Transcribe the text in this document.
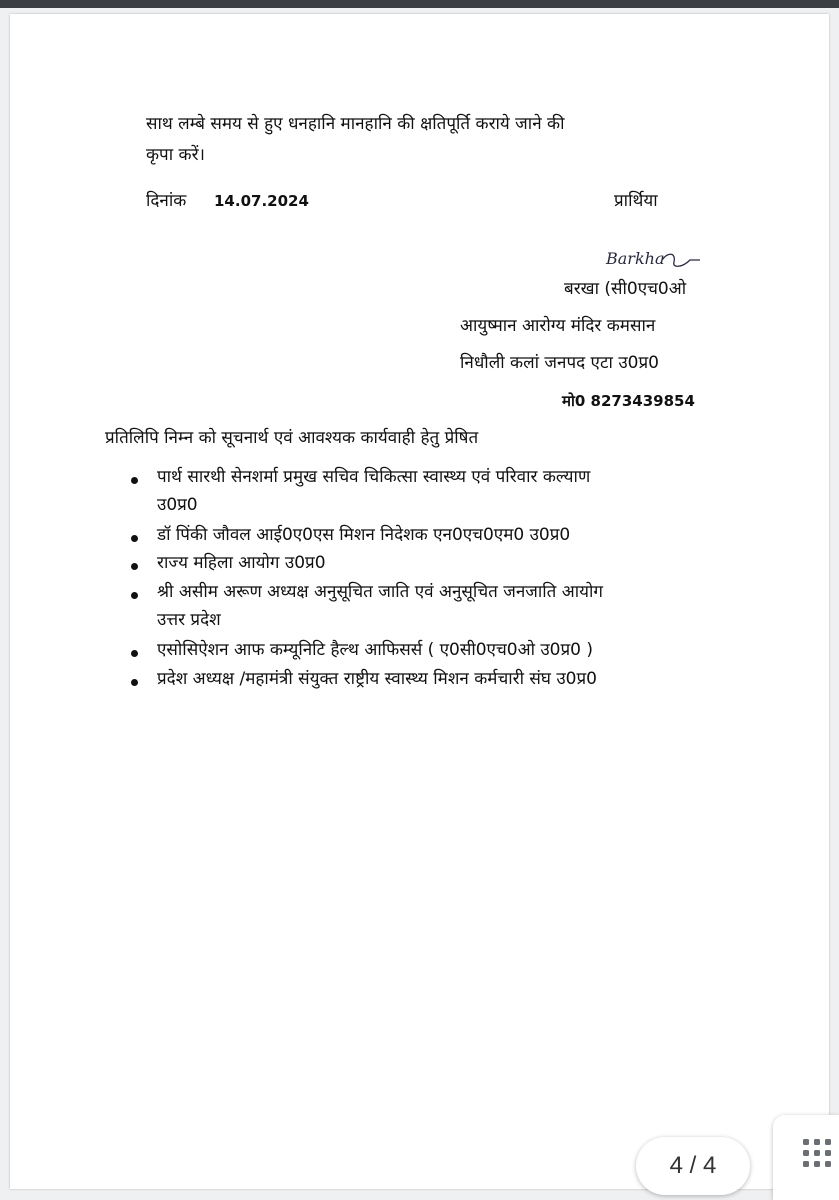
साथ लम्बे समय से हुए धनहानि मानहानि की क्षतिपूर्ति कराये जाने की
कृपा करें।
दिनांक 14.07.2024	प्रार्थिया
Barkha
बरखा (सी0एच0ओ
आयुष्मान आरोग्य मंदिर कमसान
निधौली कलां जनपद एटा उ0प्र0
मो0 8273439854
प्रतिलिपि निम्न को सूचनार्थ एवं आवश्यक कार्यवाही हेतु प्रेषित
पार्थ सारथी सेनशर्मा प्रमुख सचिव चिकित्सा स्वास्थ्य एवं परिवार कल्याण
उ0प्र0
डॉ पिंकी जौवल आई0ए0एस मिशन निदेशक एन0एच0एम0 उ0प्र0
राज्य महिला आयोग उ0प्र0
श्री असीम अरूण अध्यक्ष अनुसूचित जाति एवं अनुसूचित जनजाति आयोग
उत्तर प्रदेश
एसोसिऐशन आफ कम्यूनिटि हैल्थ आफिसर्स ( ए0सी0एच0ओ उ0प्र0 )
प्रदेश अध्यक्ष /महामंत्री संयुक्त राष्ट्रीय स्वास्थ्य मिशन कर्मचारी संघ उ0प्र0
4 / 4
